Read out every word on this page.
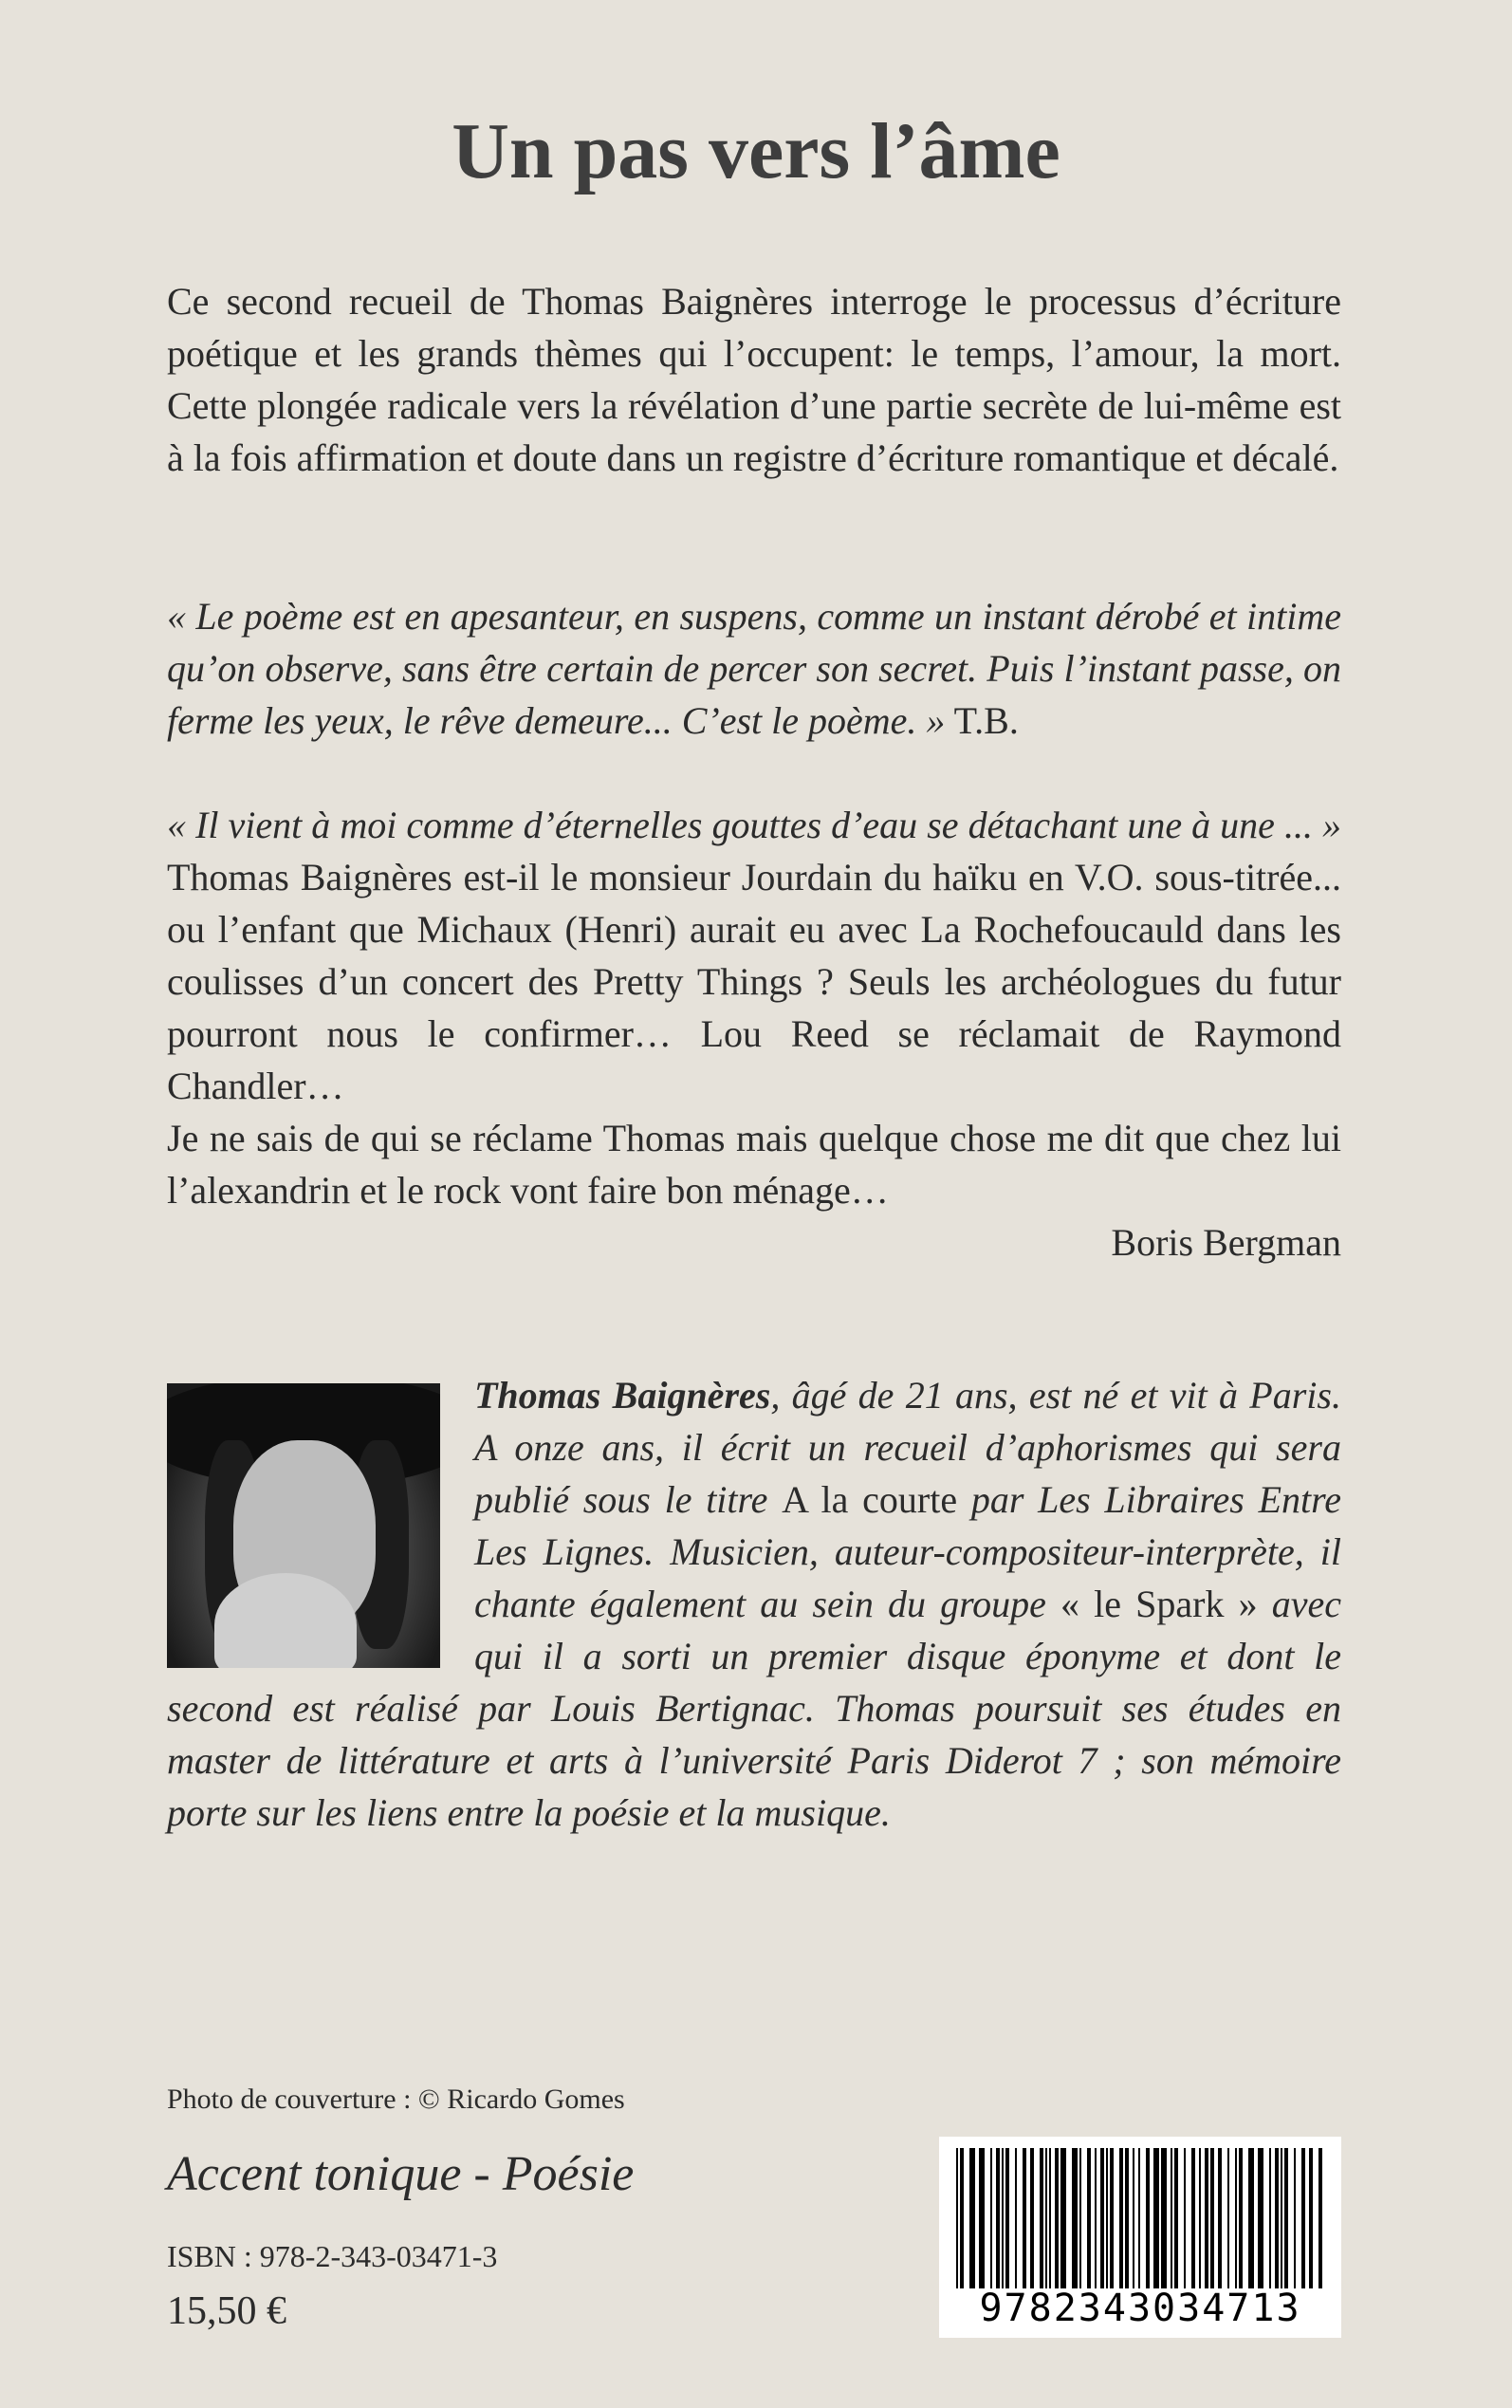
Un pas vers l’âme

Ce second recueil de Thomas Baignères interroge le processus d’écriture poétique et les grands thèmes qui l’occupent: le temps, l’amour, la mort. Cette plongée radicale vers la révélation d’une partie secrète de lui-même est à la fois affirmation et doute dans un registre d’écriture romantique et décalé.

« Le poème est en apesanteur, en suspens, comme un instant dérobé et intime qu’on observe, sans être certain de percer son secret. Puis l’instant passe, on ferme les yeux, le rêve demeure... C’est le poème. » T.B.

« Il vient à moi comme d’éternelles gouttes d’eau se détachant une à une ... » Thomas Baignères est-il le monsieur Jourdain du haïku en V.O. sous-titrée... ou l’enfant que Michaux (Henri) aurait eu avec La Rochefoucauld dans les coulisses d’un concert des Pretty Things ? Seuls les archéologues du futur pourront nous le confirmer… Lou Reed se réclamait de Raymond Chandler…

Je ne sais de qui se réclame Thomas mais quelque chose me dit que chez lui l’alexandrin et le rock vont faire bon ménage…

Boris Bergman

Thomas Baignères, âgé de 21 ans, est né et vit à Paris. A onze ans, il écrit un recueil d’aphorismes qui sera publié sous le titre A la courte par Les Libraires Entre Les Lignes. Musicien, auteur-compositeur-interprète, il chante également au sein du groupe « le Spark » avec qui il a sorti un premier disque éponyme et dont le second est réalisé par Louis Bertignac. Thomas poursuit ses études en master de littérature et arts à l’université Paris Diderot 7 ; son mémoire porte sur les liens entre la poésie et la musique.
Photo de couverture : © Ricardo Gomes
Accent tonique - Poésie
ISBN : 978-2-343-03471-3
15,50 €	9782343034713
